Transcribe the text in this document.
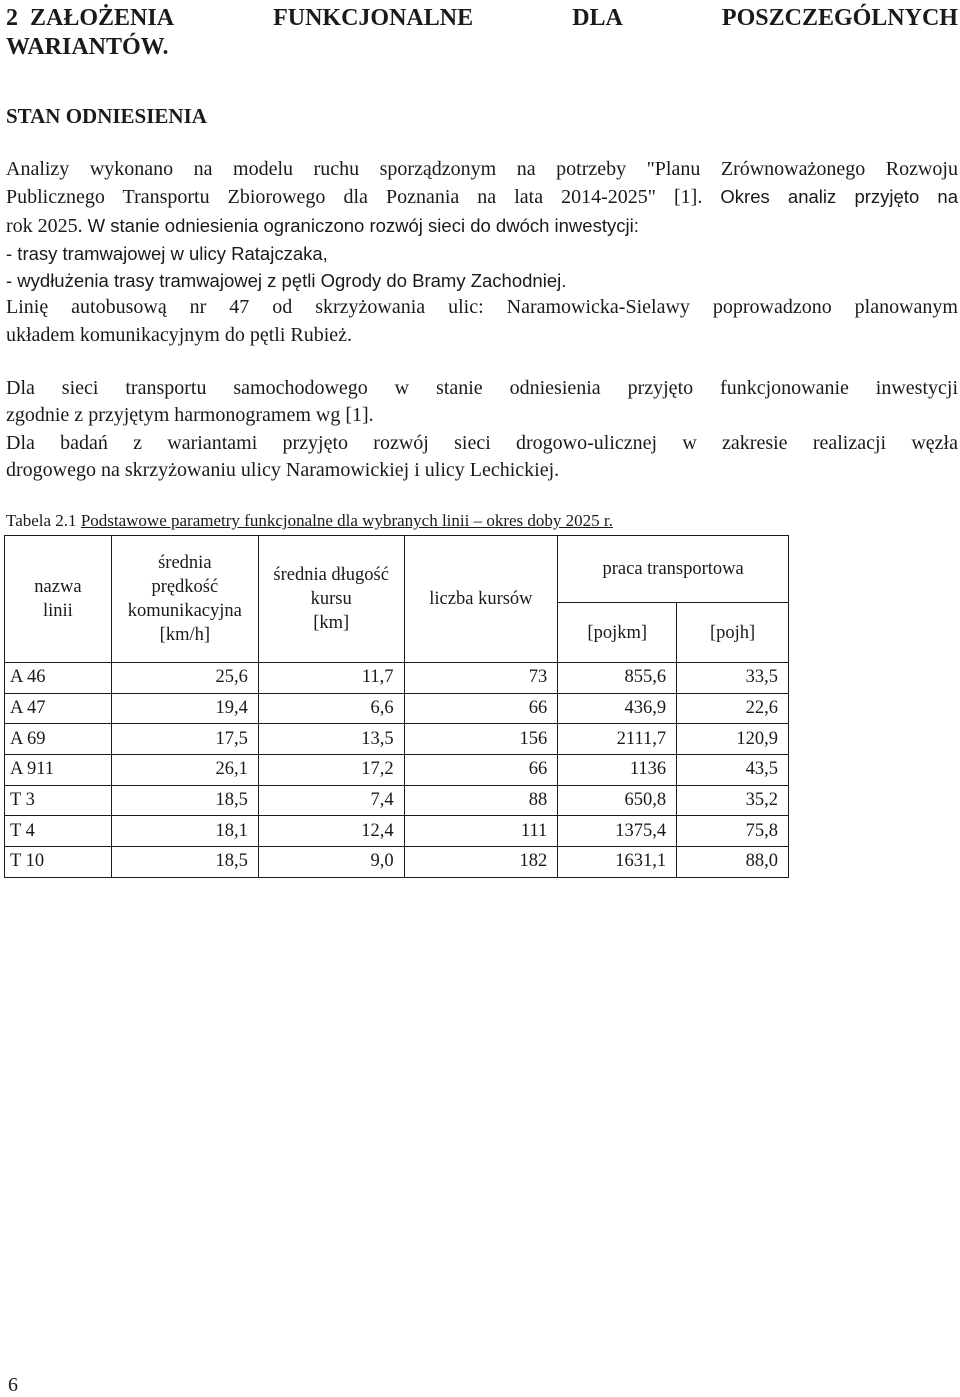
2 ZAŁOŻENIA	FUNKCJONALNE	DLA	POSZCZEGÓLNYCH
WARIANTÓW.

STAN ODNIESIENIA

Analizy wykonano na modelu ruchu sporządzonym na potrzeby "Planu Zrównoważonego Rozwoju
Publicznego Transportu Zbiorowego dla Poznania na lata 2014-2025" [1]. Okres analiz przyjęto na
rok 2025. W stanie odniesienia ograniczono rozwój sieci do dwóch inwestycji:
- trasy tramwajowej w ulicy Ratajczaka,
- wydłużenia trasy tramwajowej z pętli Ogrody do Bramy Zachodniej.
Linię autobusową nr 47 od skrzyżowania ulic: Naramowicka-Sielawy poprowadzono planowanym
układem komunikacyjnym do pętli Rubież.
Dla sieci transportu samochodowego w stanie odniesienia przyjęto funkcjonowanie inwestycji
zgodnie z przyjętym harmonogramem wg [1].
Dla badań z wariantami przyjęto rozwój sieci drogowo-ulicznej w zakresie realizacji węzła
drogowego na skrzyżowaniu ulicy Naramowickiej i ulicy Lechickiej.

Tabela 2.1 Podstawowe parametry funkcjonalne dla wybranych linii – okres doby 2025 r.

nazwa
linii	średnia
prędkość
komunikacyjna
[km/h]	średnia długość
kursu
[km]	liczba kursów	praca transportowa	
				[pojkm]	[pojh]
A 46	25,6	11,7	73	855,6	33,5
A 47	19,4	6,6	66	436,9	22,6
A 69	17,5	13,5	156	2111,7	120,9
A 911	26,1	17,2	66	1136	43,5
T 3	18,5	7,4	88	650,8	35,2
T 4	18,1	12,4	111	1375,4	75,8
T 10	18,5	9,0	182	1631,1	88,0

6
